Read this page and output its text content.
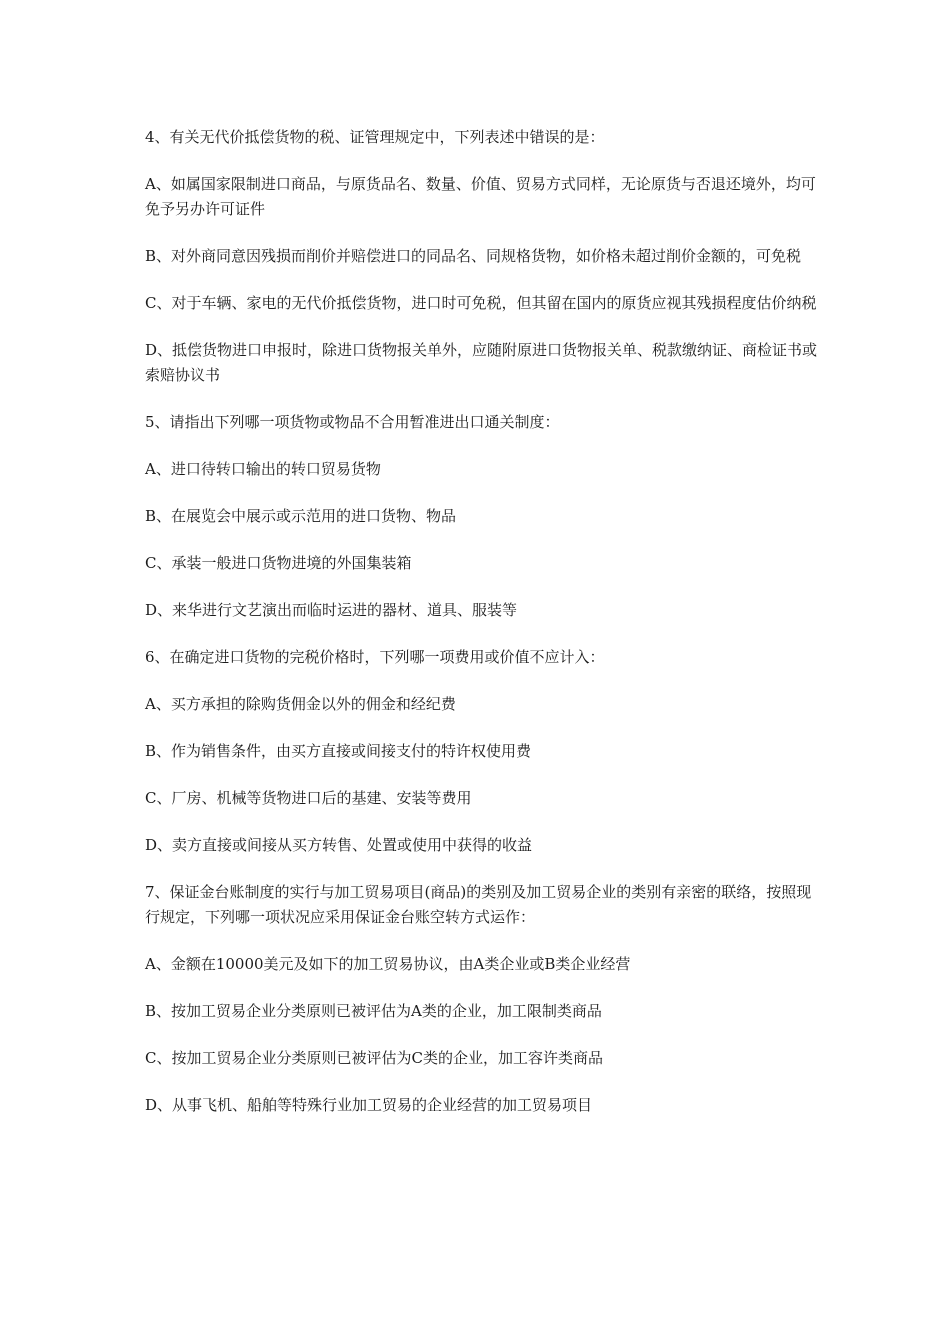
4、有关无代价抵偿货物的税、证管理规定中，下列表述中错误的是：

A、如属国家限制进口商品，与原货品名、数量、价值、贸易方式同样，无论原货与否退还境外，均可免予另办许可证件

B、对外商同意因残损而削价并赔偿进口的同品名、同规格货物，如价格未超过削价金额的，可免税

C、对于车辆、家电的无代价抵偿货物，进口时可免税，但其留在国内的原货应视其残损程度估价纳税

D、抵偿货物进口申报时，除进口货物报关单外，应随附原进口货物报关单、税款缴纳证、商检证书或索赔协议书

5、请指出下列哪一项货物或物品不合用暂准进出口通关制度：

A、进口待转口输出的转口贸易货物

B、在展览会中展示或示范用的进口货物、物品

C、承装一般进口货物进境的外国集装箱

D、来华进行文艺演出而临时运进的器材、道具、服装等

6、在确定进口货物的完税价格时，下列哪一项费用或价值不应计入：

A、买方承担的除购货佣金以外的佣金和经纪费

B、作为销售条件，由买方直接或间接支付的特许权使用费

C、厂房、机械等货物进口后的基建、安装等费用

D、卖方直接或间接从买方转售、处置或使用中获得的收益

7、保证金台账制度的实行与加工贸易项目(商品)的类别及加工贸易企业的类别有亲密的联络，按照现行规定，下列哪一项状况应采用保证金台账空转方式运作：

A、金额在10000美元及如下的加工贸易协议，由A类企业或B类企业经营

B、按加工贸易企业分类原则已被评估为A类的企业，加工限制类商品

C、按加工贸易企业分类原则已被评估为C类的企业，加工容许类商品

D、从事飞机、船舶等特殊行业加工贸易的企业经营的加工贸易项目
